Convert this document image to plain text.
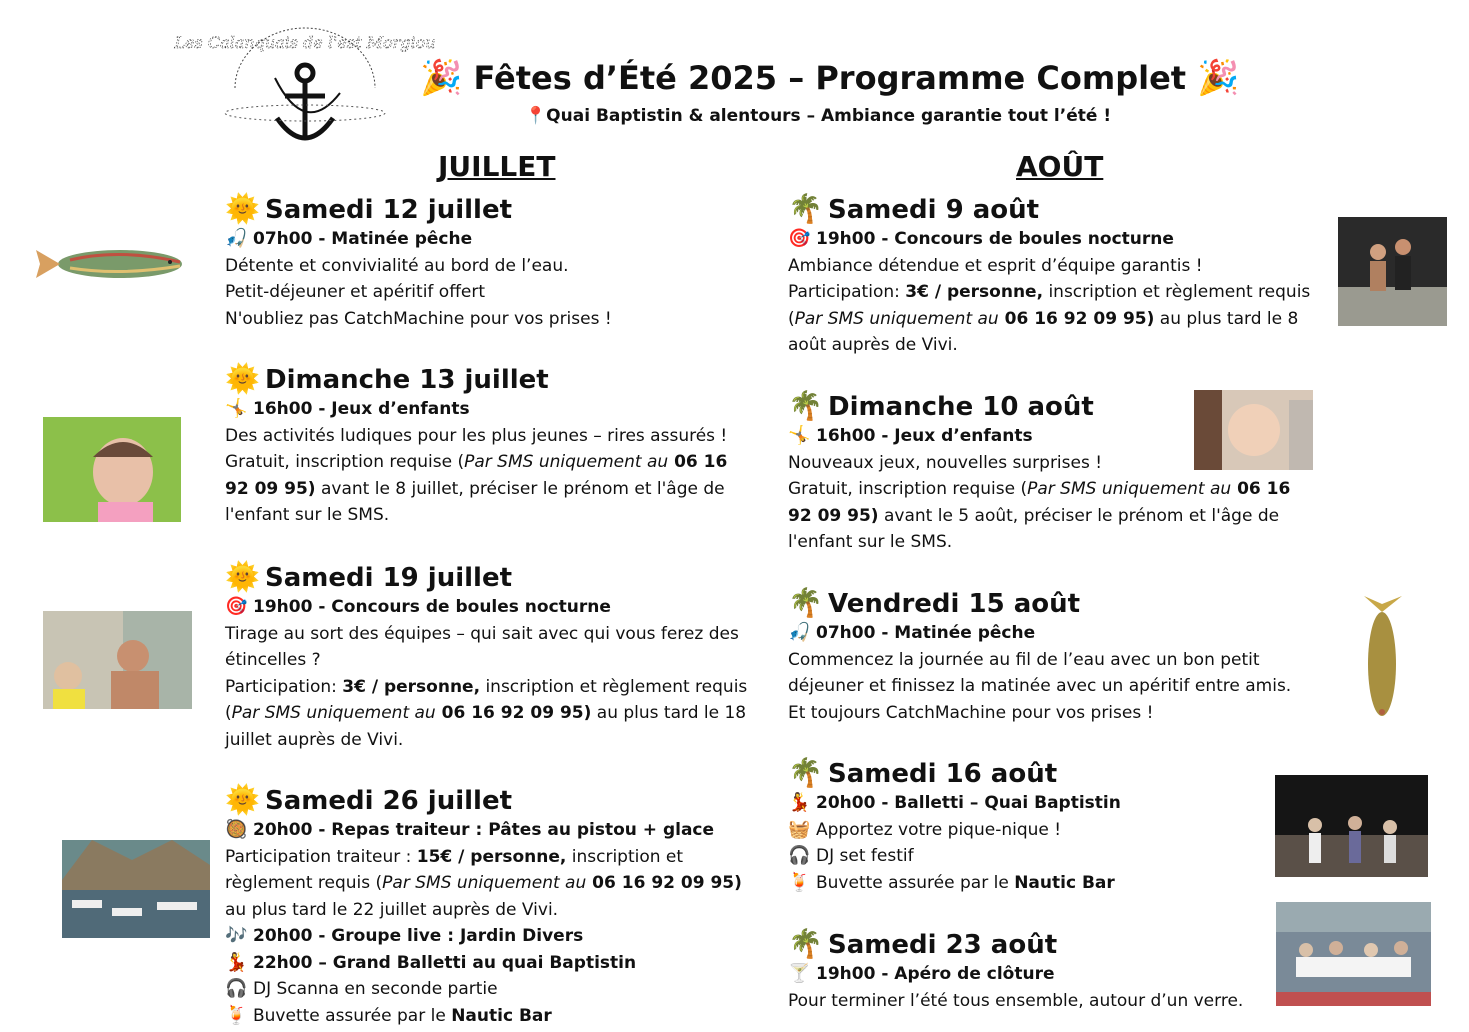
Les Calanquais de l'est Morgiou
🎉 Fêtes d’Été 2025 – Programme Complet 🎉
📍Quai Baptistin & alentours – Ambiance garantie tout l’été !
JUILLET	AOÛT
🌞 Samedi 12 juillet
🎣 07h00 - Matinée pêche
Détente et convivialité au bord de l’eau.
Petit-déjeuner et apéritif offert
N'oubliez pas CatchMachine pour vos prises !
🌞 Dimanche 13 juillet
🤸 16h00 - Jeux d’enfants
Des activités ludiques pour les plus jeunes – rires assurés !
Gratuit, inscription requise (Par SMS uniquement au 06 16
92 09 95) avant le 8 juillet, préciser le prénom et l'âge de
l'enfant sur le SMS.
🌞 Samedi 19 juillet
🎯 19h00 - Concours de boules nocturne
Tirage au sort des équipes – qui sait avec qui vous ferez des
étincelles ?
Participation: 3€ / personne, inscription et règlement requis
(Par SMS uniquement au 06 16 92 09 95) au plus tard le 18
juillet auprès de Vivi.
🌞 Samedi 26 juillet
🥘 20h00 - Repas traiteur : Pâtes au pistou + glace
Participation traiteur : 15€ / personne, inscription et
règlement requis (Par SMS uniquement au 06 16 92 09 95)
au plus tard le 22 juillet auprès de Vivi.
🎶 20h00 - Groupe live : Jardin Divers
💃 22h00 – Grand Balletti au quai Baptistin
🎧 DJ Scanna en seconde partie
🍹 Buvette assurée par le Nautic Bar
🌴 Samedi 9 août
🎯 19h00 - Concours de boules nocturne
Ambiance détendue et esprit d’équipe garantis !
Participation: 3€ / personne, inscription et règlement requis
(Par SMS uniquement au 06 16 92 09 95) au plus tard le 8
août auprès de Vivi.
🌴 Dimanche 10 août
🤸 16h00 - Jeux d’enfants
Nouveaux jeux, nouvelles surprises !
Gratuit, inscription requise (Par SMS uniquement au 06 16
92 09 95) avant le 5 août, préciser le prénom et l'âge de
l'enfant sur le SMS.
🌴 Vendredi 15 août
🎣 07h00 - Matinée pêche
Commencez la journée au fil de l’eau avec un bon petit
déjeuner et finissez la matinée avec un apéritif entre amis.
Et toujours CatchMachine pour vos prises !
🌴 Samedi 16 août
💃 20h00 - Balletti – Quai Baptistin
🧺 Apportez votre pique-nique !
🎧 DJ set festif
🍹 Buvette assurée par le Nautic Bar
🌴 Samedi 23 août
🍸 19h00 - Apéro de clôture
Pour terminer l’été tous ensemble, autour d’un verre.
